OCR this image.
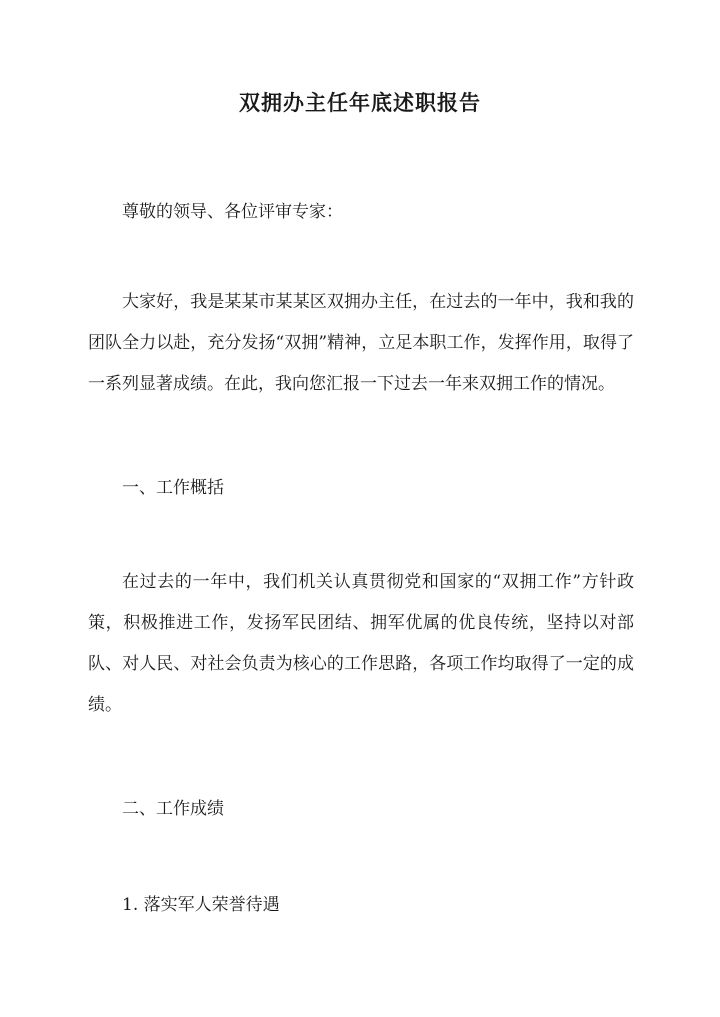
双拥办主任年底述职报告

尊敬的领导、各位评审专家：

大家好，我是某某市某某区双拥办主任，在过去的一年中，我和我的团队全力以赴，充分发扬“双拥”精神，立足本职工作，发挥作用，取得了一系列显著成绩。在此，我向您汇报一下过去一年来双拥工作的情况。

一、工作概括

在过去的一年中，我们机关认真贯彻党和国家的“双拥工作”方针政策，积极推进工作，发扬军民团结、拥军优属的优良传统，坚持以对部队、对人民、对社会负责为核心的工作思路，各项工作均取得了一定的成绩。

二、工作成绩

1. 落实军人荣誉待遇
